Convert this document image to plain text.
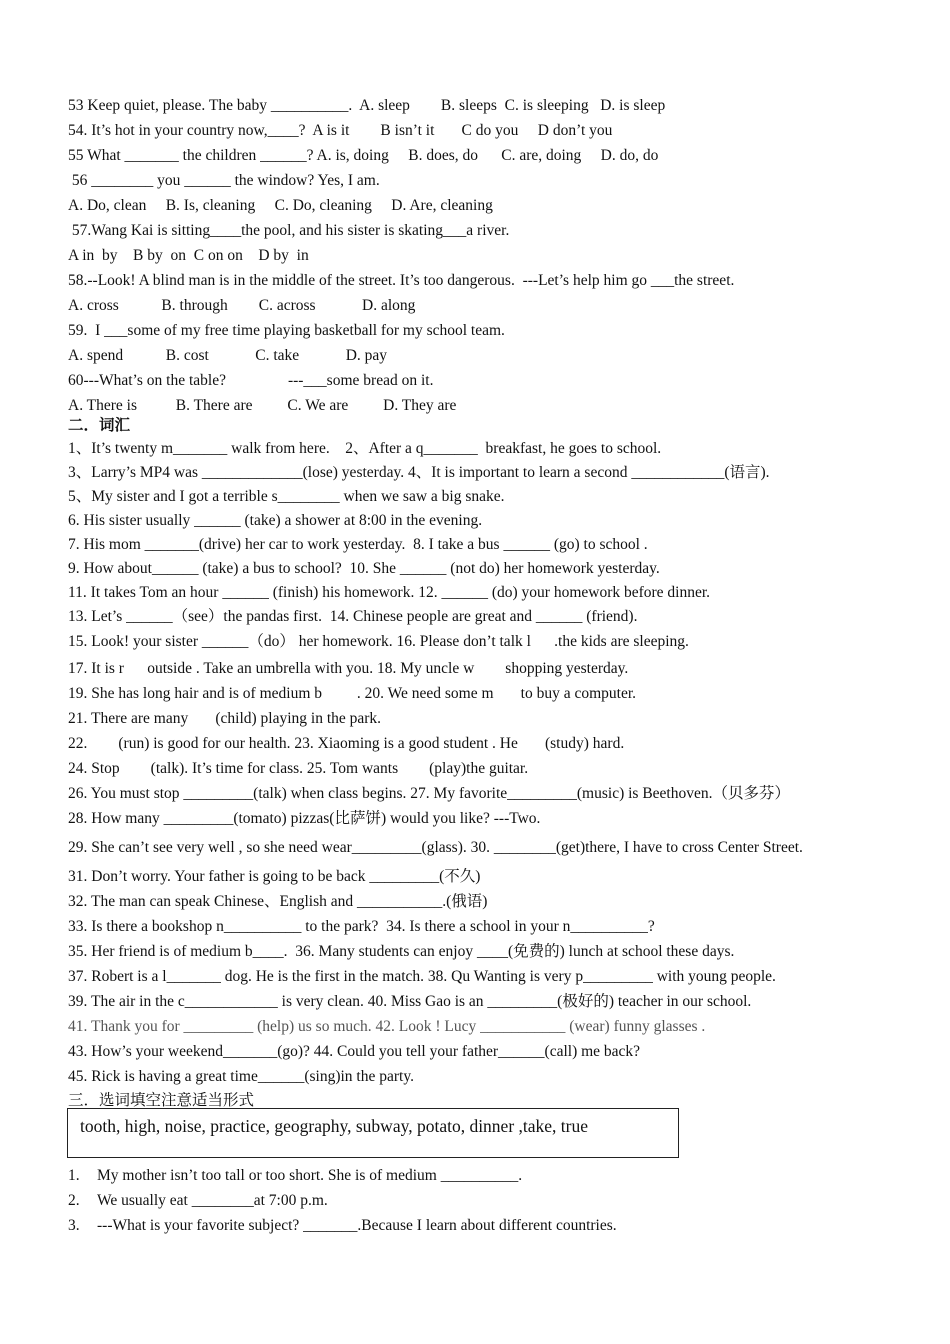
53 Keep quiet, please. The baby __________.  A. sleep        B. sleeps  C. is sleeping   D. is sleep
54. It’s hot in your country now,____?  A is it        B isn’t it       C do you     D don’t you
55 What _______ the children ______? A. is, doing     B. does, do      C. are, doing     D. do, do
56 ________ you ______ the window? Yes, I am.
A. Do, clean     B. Is, cleaning     C. Do, cleaning     D. Are, cleaning
57.Wang Kai is sitting____the pool, and his sister is skating___a river.
A in  by    B by  on  C on on    D by  in
58.--Look! A blind man is in the middle of the street. It’s too dangerous.  ---Let’s help him go ___the street.
A. cross           B. through        C. across            D. along
59.  I ___some of my free time playing basketball for my school team.
A. spend           B. cost            C. take            D. pay
60---What’s on the table?                ---___some bread on it.
A. There is          B. There are         C. We are         D. They are
二．词汇
1、It’s twenty m_______ walk from here.    2、After a q_______  breakfast, he goes to school.
3、Larry’s MP4 was _____________(lose) yesterday. 4、It is important to learn a second ____________(语言).
5、My sister and I got a terrible s________ when we saw a big snake.
6. His sister usually ______ (take) a shower at 8:00 in the evening.
7. His mom _______(drive) her car to work yesterday.  8. I take a bus ______ (go) to school .
9. How about______ (take) a bus to school?  10. She ______ (not do) her homework yesterday.
11. It takes Tom an hour ______ (finish) his homework. 12. ______ (do) your homework before dinner.
13. Let’s ______（see）the pandas first.  14. Chinese people are great and ______ (friend).
15. Look! your sister ______（do） her homework. 16. Please don’t talk l      .the kids are sleeping.
17. It is r      outside . Take an umbrella with you. 18. My uncle w        shopping yesterday.
19. She has long hair and is of medium b         . 20. We need some m       to buy a computer.
21. There are many       (child) playing in the park.
22.        (run) is good for our health. 23. Xiaoming is a good student . He       (study) hard.
24. Stop        (talk). It’s time for class. 25. Tom wants        (play)the guitar.
26. You must stop _________(talk) when class begins. 27. My favorite_________(music) is Beethoven.（贝多芬）
28. How many _________(tomato) pizzas(比萨饼) would you like? ---Two.
29. She can’t see very well , so she need wear_________(glass). 30. ________(get)there, I have to cross Center Street.
31. Don’t worry. Your father is going to be back _________(不久)
32. The man can speak Chinese、English and ___________.(俄语)
33. Is there a bookshop n__________ to the park?  34. Is there a school in your n__________?
35. Her friend is of medium b____.  36. Many students can enjoy ____(免费的) lunch at school these days.
37. Robert is a l_______ dog. He is the first in the match. 38. Qu Wanting is very p_________ with young people.
39. The air in the c____________ is very clean. 40. Miss Gao is an _________(极好的) teacher in our school.
41. Thank you for _________ (help) us so much. 42. Look ! Lucy ___________ (wear) funny glasses .
43. How’s your weekend_______(go)? 44. Could you tell your father______(call) me back?
45. Rick is having a great time______(sing)in the party.
三．选词填空注意适当形式
tooth, high, noise, practice, geography, subway, potato, dinner ,take, true
1. My mother isn’t too tall or too short. She is of medium __________.
2. We usually eat ________at 7:00 p.m.
3. ---What is your favorite subject? _______.Because I learn about different countries.
